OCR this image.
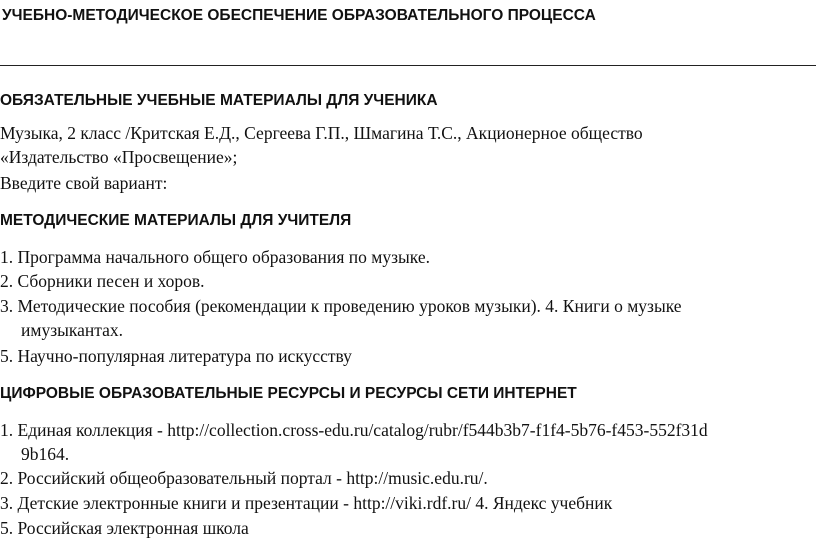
УЧЕБНО-МЕТОДИЧЕСКОЕ ОБЕСПЕЧЕНИЕ ОБРАЗОВАТЕЛЬНОГО ПРОЦЕССА
ОБЯЗАТЕЛЬНЫЕ УЧЕБНЫЕ МАТЕРИАЛЫ ДЛЯ УЧЕНИКА

Музыка, 2 класс /Критская Е.Д., Сергеева Г.П., Шмагина Т.С., Акционерное общество «Издательство «Просвещение»;

Введите свой вариант:

МЕТОДИЧЕСКИЕ МАТЕРИАЛЫ ДЛЯ УЧИТЕЛЯ

1. Программа начального общего образования по музыке.

2. Сборники песен и хоров.

3. Методические пособия (рекомендации к проведению уроков музыки). 4. Книги о музыке имузыкантах.

5. Научно-популярная литература по искусству

ЦИФРОВЫЕ ОБРАЗОВАТЕЛЬНЫЕ РЕСУРСЫ И РЕСУРСЫ СЕТИ ИНТЕРНЕТ

1. Единая коллекция - http://collection.cross-edu.ru/catalog/rubr/f544b3b7-f1f4-5b76-f453-552f31d9b164.

2. Российский общеобразовательный портал - http://music.edu.ru/.

3. Детские электронные книги и презентации - http://viki.rdf.ru/ 4. Яндекс учебник

5. Российская электронная школа
